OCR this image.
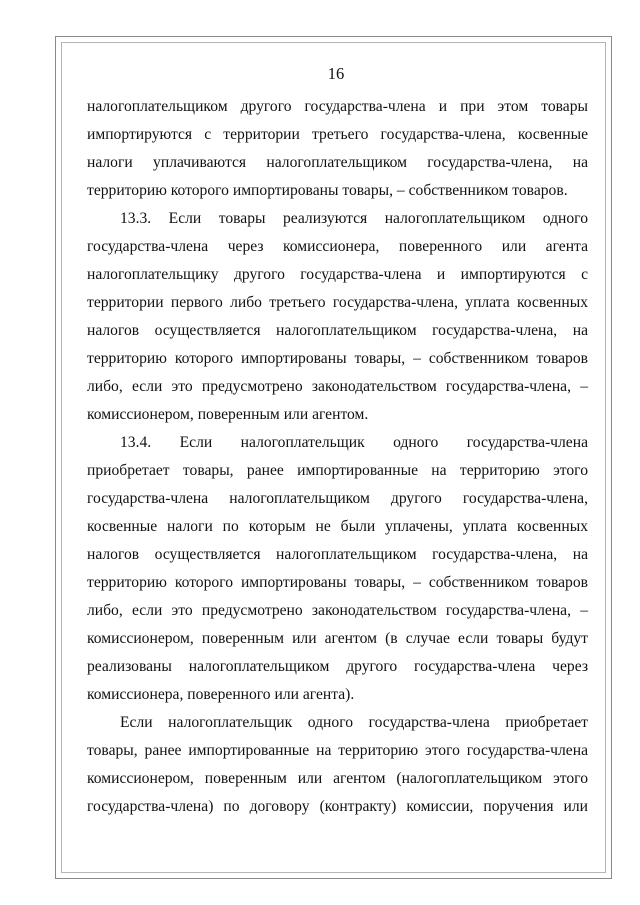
16
налогоплательщиком другого государства-члена и при этом товары
импортируются с территории третьего государства-члена, косвенные
налоги уплачиваются налогоплательщиком государства-члена, на
территорию которого импортированы товары, – собственником товаров.
13.3. Если товары реализуются налогоплательщиком одного
государства-члена через комиссионера, поверенного или агента
налогоплательщику другого государства-члена и импортируются с
территории первого либо третьего государства-члена, уплата косвенных
налогов осуществляется налогоплательщиком государства-члена, на
территорию которого импортированы товары, – собственником товаров
либо, если это предусмотрено законодательством государства-члена, –
комиссионером, поверенным или агентом.
13.4. Если налогоплательщик одного государства-члена
приобретает товары, ранее импортированные на территорию этого
государства-члена налогоплательщиком другого государства-члена,
косвенные налоги по которым не были уплачены, уплата косвенных
налогов осуществляется налогоплательщиком государства-члена, на
территорию которого импортированы товары, – собственником товаров
либо, если это предусмотрено законодательством государства-члена, –
комиссионером, поверенным или агентом (в случае если товары будут
реализованы налогоплательщиком другого государства-члена через
комиссионера, поверенного или агента).
Если налогоплательщик одного государства-члена приобретает
товары, ранее импортированные на территорию этого государства-члена
комиссионером, поверенным или агентом (налогоплательщиком этого
государства-члена) по договору (контракту) комиссии, поручения или
